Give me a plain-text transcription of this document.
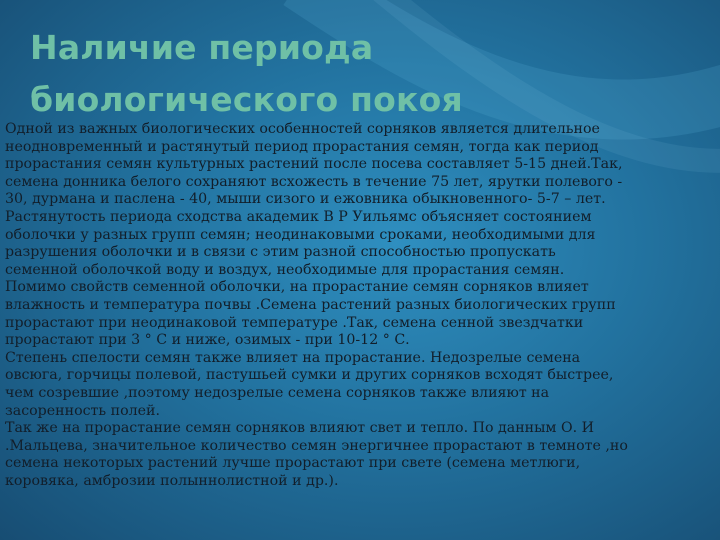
Наличие периода
биологического покоя

Одной из важных биологических особенностей сорняков является длительное
неодновременный и растянутый период прорастания семян, тогда как период
прорастания семян культурных растений после посева составляет 5-15 дней.Так,
семена донника белого сохраняют всхожесть в течение 75 лет, ярутки полевого -
30, дурмана и паслена - 40, мыши сизого и ежовника обыкновенного- 5-7 – лет.

Растянутость периода сходства академик В Р Уильямс объясняет состоянием
оболочки у разных групп семян; неодинаковыми сроками, необходимыми для
разрушения оболочки и в связи с этим разной способностью пропускать
семенной оболочкой воду и воздух, необходимые для прорастания семян.

Помимо свойств семенной оболочки, на прорастание семян сорняков влияет
влажность и температура почвы .Семена растений разных биологических групп
прорастают при неодинаковой температуре .Так, семена сенной звездчатки
прорастают при 3 ° С и ниже, озимых - при 10-12 ° С.

Степень спелости семян также влияет на прорастание. Недозрелые семена
овсюга, горчицы полевой, пастушьей сумки и других сорняков всходят быстрее,
чем созревшие ,поэтому недозрелые семена сорняков также влияют на
засоренность полей.

Так же на прорастание семян сорняков влияют свет и тепло. По данным О. И
.Мальцева, значительное количество семян энергичнее прорастают в темноте ,но
семена некоторых растений лучше прорастают при свете (семена метлюги,
коровяка, амброзии полыннолистной и др.).
